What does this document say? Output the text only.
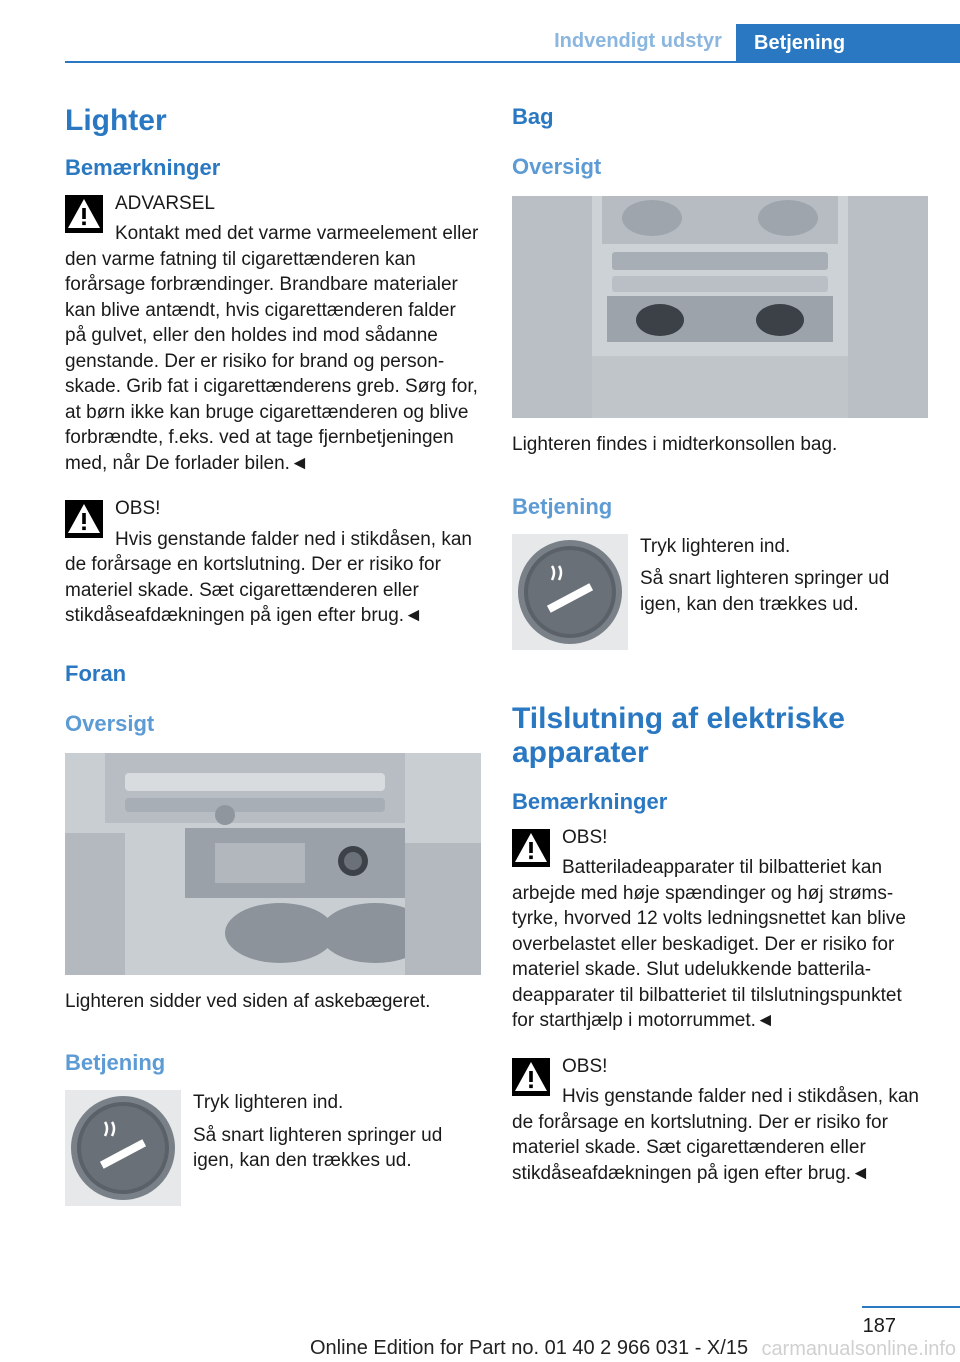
Indvendigt udstyr	Betjening
Lighter
Bemærkninger

ADVARSEL
Kontakt med det varme varmeelement eller den varme fatning til cigarettænderen kan forårsage forbrændinger. Brandbare materialer kan blive antændt, hvis cigarettænderen falder på gulvet, eller den holdes ind mod sådanne genstande. Der er risiko for brand og personskade. Grib fat i cigarettænderens greb. Sørg for, at børn ikke kan bruge cigarettænderen og blive forbrændte, f.eks. ved at tage fjernbetjeningen med, når De forlader bilen.◄

OBS!
Hvis genstande falder ned i stikdåsen, kan de forårsage en kortslutning. Der er risiko for materiel skade. Sæt cigarettænderen eller stikdåseafdækningen på igen efter brug.◄

Foran
Oversigt

Lighteren sidder ved siden af askebægeret.

Betjening

Tryk lighteren ind.

Så snart lighteren springer ud igen, kan den trækkes ud.

Bag
Oversigt

Lighteren findes i midterkonsollen bag.

Betjening

Tryk lighteren ind.

Så snart lighteren springer ud igen, kan den trækkes ud.

Tilslutning af elektriske apparater
Bemærkninger

OBS!
Batteriladeapparater til bilbatteriet kan arbejde med høje spændinger og høj strømstyrke, hvorved 12 volts ledningsnettet kan blive overbelastet eller beskadiget. Der er risiko for materiel skade. Slut udelukkende batteriladeapparater til bilbatteriet til tilslutningspunktet for starthjælp i motorrummet.◄

OBS!
Hvis genstande falder ned i stikdåsen, kan de forårsage en kortslutning. Der er risiko for materiel skade. Sæt cigarettænderen eller stikdåseafdækningen på igen efter brug.◄

187
Online Edition for Part no. 01 40 2 966 031 - X/15 carmanualsonline.info
